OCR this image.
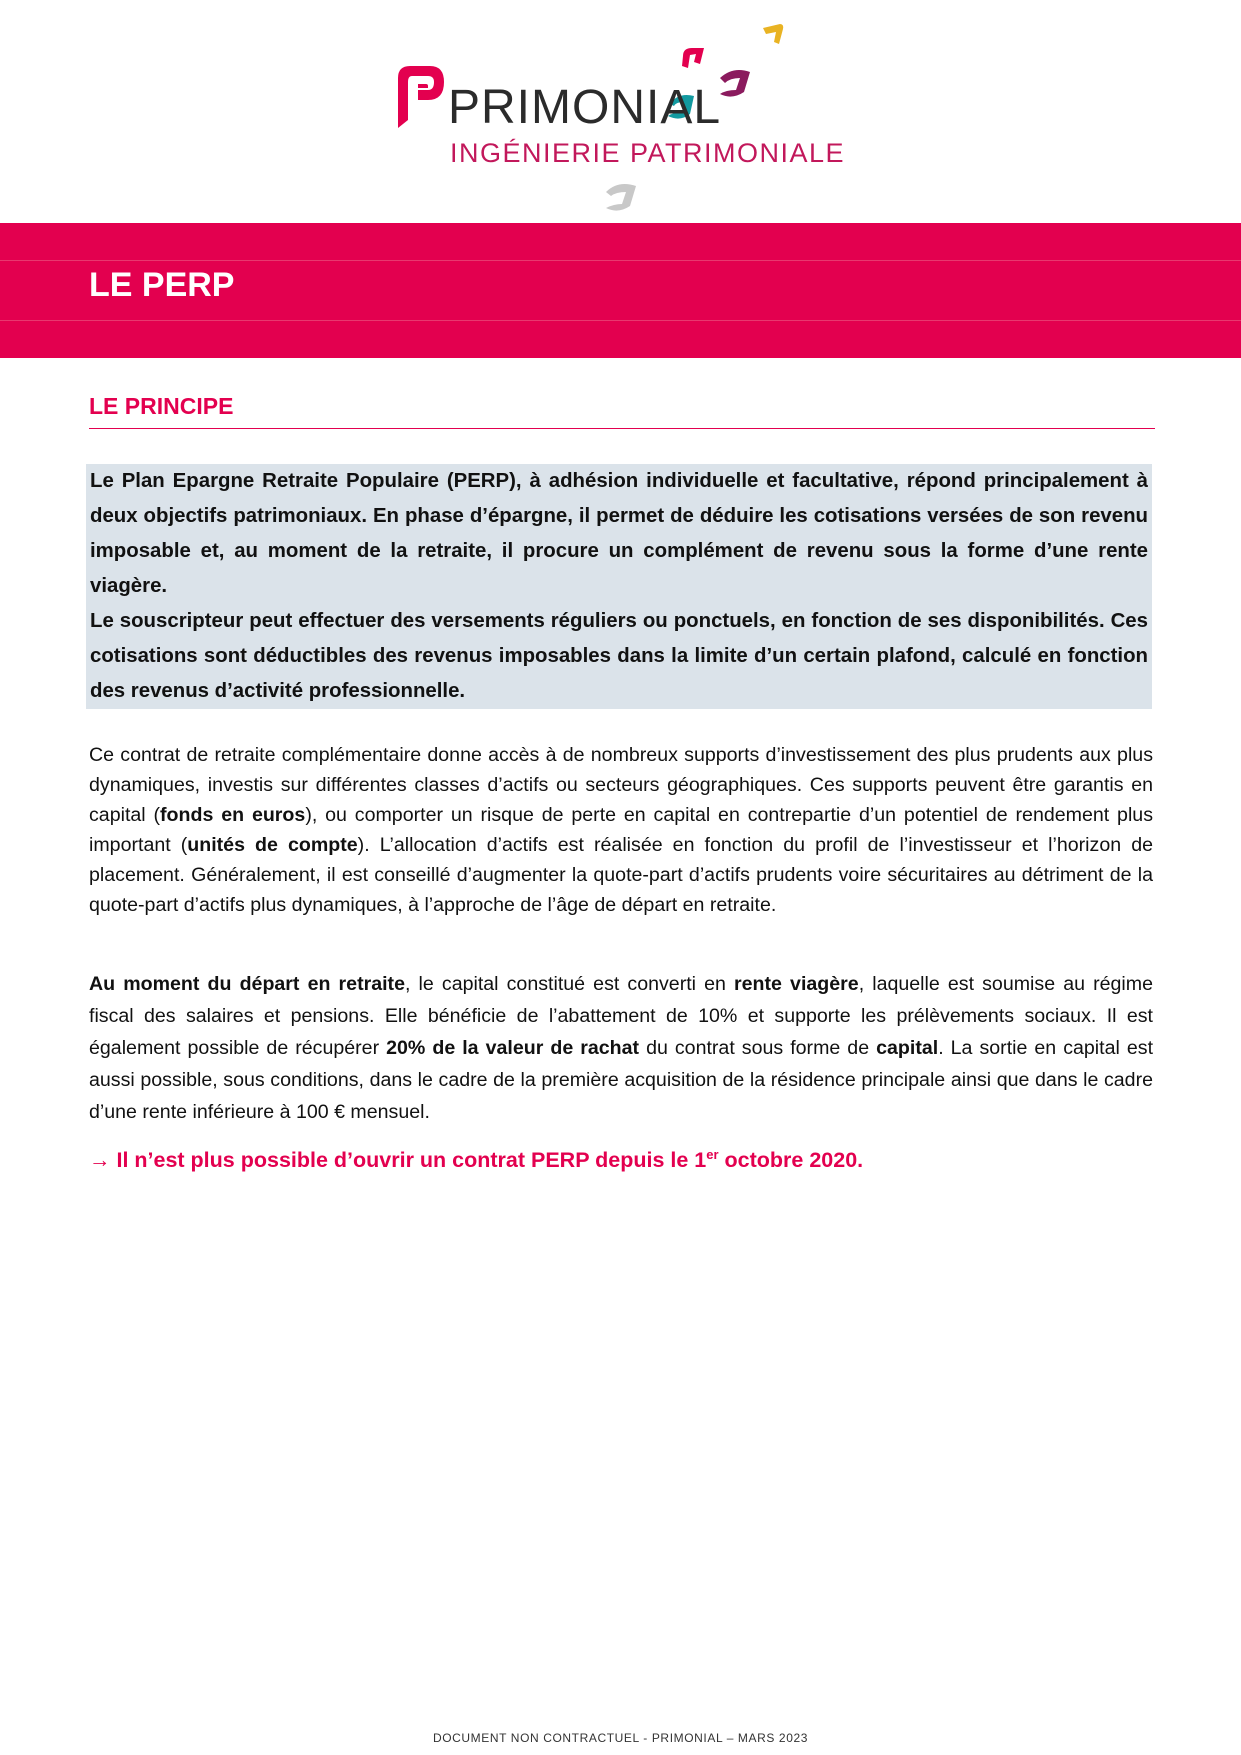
PRIMONIAL
INGÉNIERIE PATRIMONIALE
LE PERP
LE PRINCIPE

Le Plan Epargne Retraite Populaire (PERP), à adhésion individuelle et facultative, répond principalement à deux objectifs patrimoniaux. En phase d’épargne, il permet de déduire les cotisations versées de son revenu imposable et, au moment de la retraite, il procure un complément de revenu sous la forme d’une rente viagère.

Le souscripteur peut effectuer des versements réguliers ou ponctuels, en fonction de ses disponibilités. Ces cotisations sont déductibles des revenus imposables dans la limite d’un certain plafond, calculé en fonction des revenus d’activité professionnelle.

Ce contrat de retraite complémentaire donne accès à de nombreux supports d’investissement des plus prudents aux plus dynamiques, investis sur différentes classes d’actifs ou secteurs géographiques. Ces supports peuvent être garantis en capital (fonds en euros), ou comporter un risque de perte en capital en contrepartie d’un potentiel de rendement plus important (unités de compte). L’allocation d’actifs est réalisée en fonction du profil de l’investisseur et l’horizon de placement. Généralement, il est conseillé d’augmenter la quote-part d’actifs prudents voire sécuritaires au détriment de la quote-part d’actifs plus dynamiques, à l’approche de l’âge de départ en retraite.

Au moment du départ en retraite, le capital constitué est converti en rente viagère, laquelle est soumise au régime fiscal des salaires et pensions. Elle bénéficie de l’abattement de 10% et supporte les prélèvements sociaux. Il est également possible de récupérer 20% de la valeur de rachat du contrat sous forme de capital. La sortie en capital est aussi possible, sous conditions, dans le cadre de la première acquisition de la résidence principale ainsi que dans le cadre d’une rente inférieure à 100 € mensuel.

→ Il n’est plus possible d’ouvrir un contrat PERP depuis le 1er octobre 2020.
DOCUMENT NON CONTRACTUEL - PRIMONIAL – MARS 2023
